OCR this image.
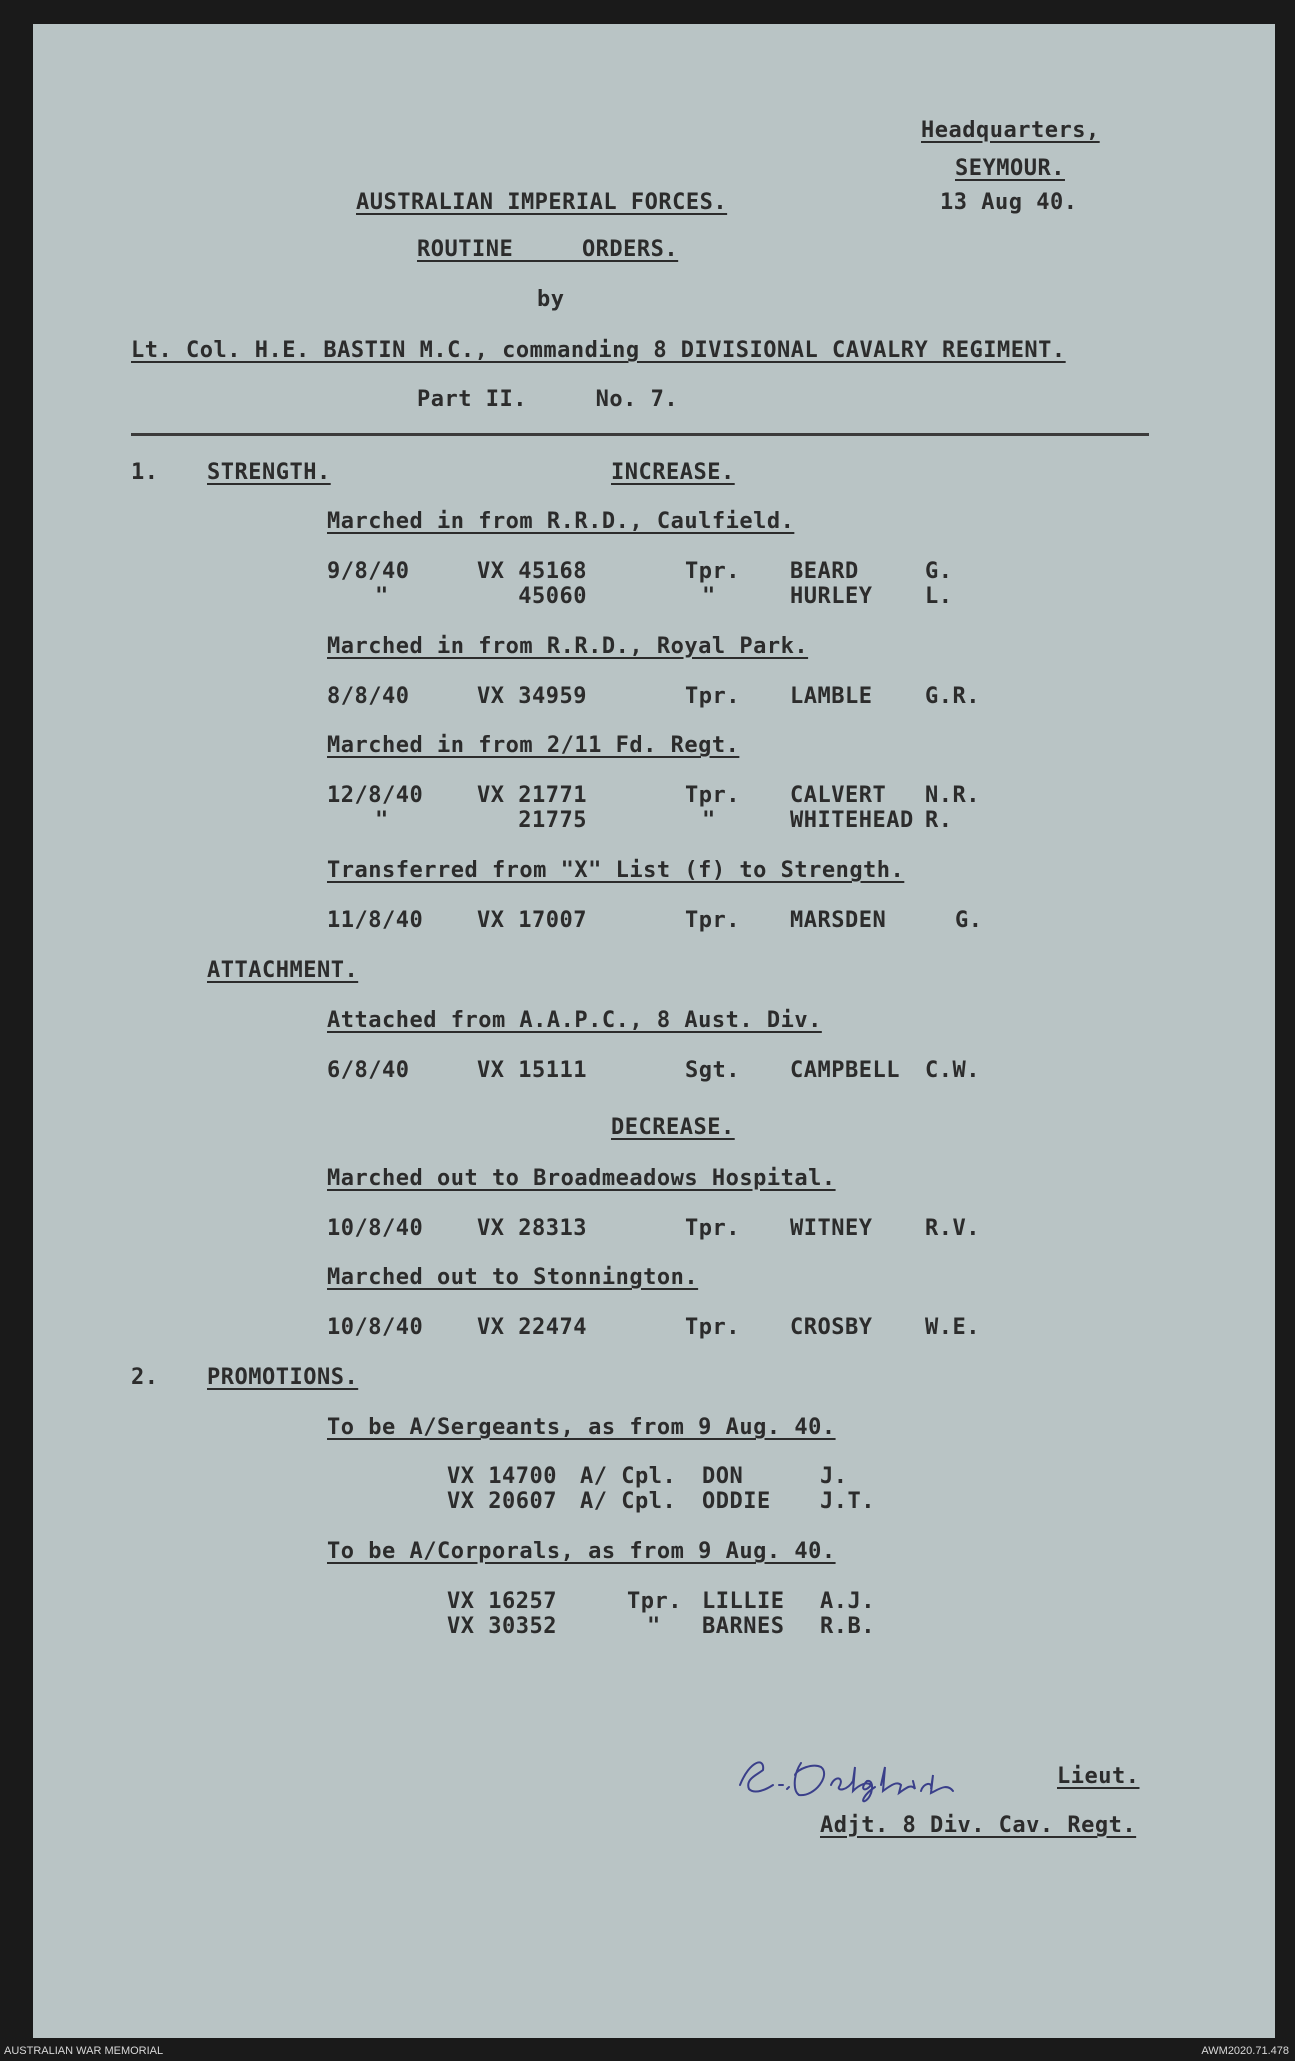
Headquarters,
SEYMOUR.
13 Aug 40.
AUSTRALIAN IMPERIAL FORCES.
ROUTINE     ORDERS.
by
Lt. Col. H.E. BASTIN M.C., commanding 8 DIVISIONAL CAVALRY REGIMENT.
Part II.     No. 7.
1. STRENGTH.	INCREASE.
Marched in from R.R.D., Caulfield.
9/8/40	VX 45168	Tpr. BEARD	G.
"	45060	"	HURLEY L.
Marched in from R.R.D., Royal Park.
8/8/40	VX 34959	Tpr. LAMBLE G.R.
Marched in from 2/11 Fd. Regt.
12/8/40 VX 21771	Tpr. CALVERT N.R.
"	21775	"	WHITEHEAD R.
Transferred from "X" List (f) to Strength.
11/8/40 VX 17007	Tpr. MARSDEN	G.
ATTACHMENT.
Attached from A.A.P.C., 8 Aust. Div.
6/8/40	VX 15111	Sgt. CAMPBELL C.W.
DECREASE.
Marched out to Broadmeadows Hospital.
10/8/40 VX 28313	Tpr. WITNEY R.V.
Marched out to Stonnington.
10/8/40 VX 22474	Tpr. CROSBY W.E.
2. PROMOTIONS.
To be A/Sergeants, as from 9 Aug. 40.
VX 14700 A/ Cpl. DON	J.
VX 20607 A/ Cpl. ODDIE J.T.
To be A/Corporals, as from 9 Aug. 40.
VX 16257	Tpr. LILLIE A.J.
VX 30352	" BARNES R.B.
Lieut.
Adjt. 8 Div. Cav. Regt.
AUSTRALIAN WAR MEMORIAL	AWM2020.71.478
